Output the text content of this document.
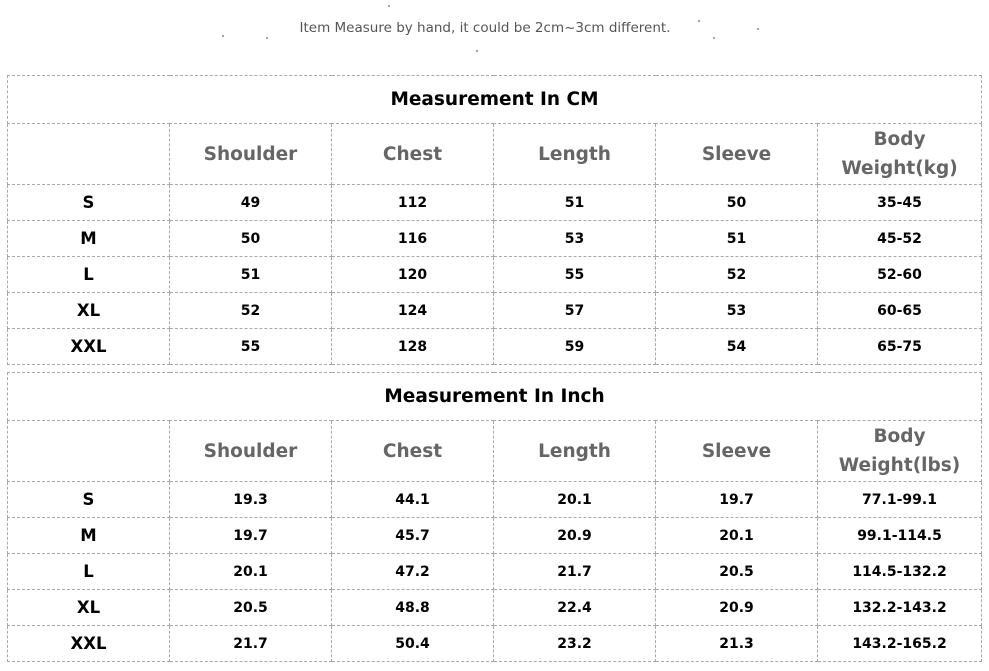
Item Measure by hand, it could be 2cm~3cm different.
Measurement In CM					
	Shoulder	Chest	Length	Sleeve	Body
Weight(kg)
S	49	112	51	50	35-45
M	50	116	53	51	45-52
L	51	120	55	52	52-60
XL	52	124	57	53	60-65
XXL	55	128	59	54	65-75
Measurement In Inch					
	Shoulder	Chest	Length	Sleeve	Body
Weight(lbs)
S	19.3	44.1	20.1	19.7	77.1-99.1
M	19.7	45.7	20.9	20.1	99.1-114.5
L	20.1	47.2	21.7	20.5	114.5-132.2
XL	20.5	48.8	22.4	20.9	132.2-143.2
XXL	21.7	50.4	23.2	21.3	143.2-165.2
